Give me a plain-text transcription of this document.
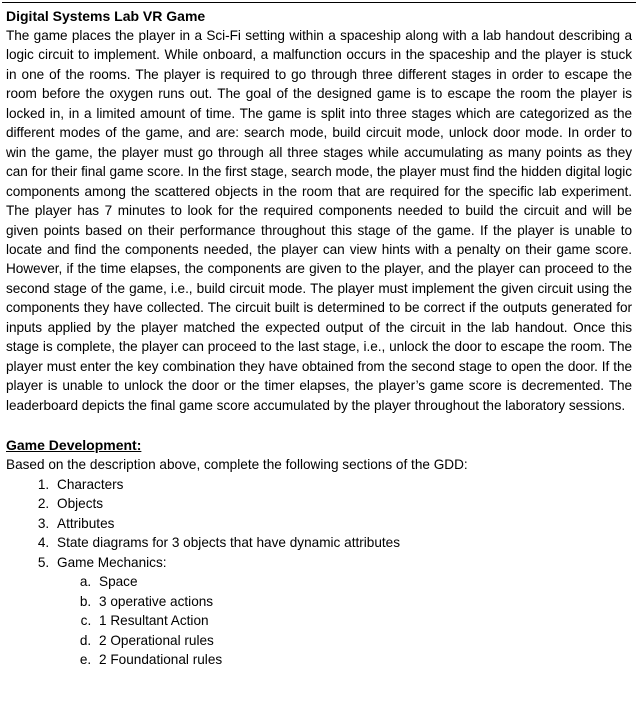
Digital Systems Lab VR Game

The game places the player in a Sci-Fi setting within a spaceship along with a lab handout describing a logic circuit to implement. While onboard, a malfunction occurs in the spaceship and the player is stuck in one of the rooms. The player is required to go through three different stages in order to escape the room before the oxygen runs out. The goal of the designed game is to escape the room the player is locked in, in a limited amount of time. The game is split into three stages which are categorized as the different modes of the game, and are: search mode, build circuit mode, unlock door mode. In order to win the game, the player must go through all three stages while accumulating as many points as they can for their final game score. In the first stage, search mode, the player must find the hidden digital logic components among the scattered objects in the room that are required for the specific lab experiment. The player has 7 minutes to look for the required components needed to build the circuit and will be given points based on their performance throughout this stage of the game. If the player is unable to locate and find the components needed, the player can view hints with a penalty on their game score. However, if the time elapses, the components are given to the player, and the player can proceed to the second stage of the game, i.e., build circuit mode. The player must implement the given circuit using the components they have collected. The circuit built is determined to be correct if the outputs generated for inputs applied by the player matched the expected output of the circuit in the lab handout. Once this stage is complete, the player can proceed to the last stage, i.e., unlock the door to escape the room. The player must enter the key combination they have obtained from the second stage to open the door. If the player is unable to unlock the door or the timer elapses, the player’s game score is decremented. The leaderboard depicts the final game score accumulated by the player throughout the laboratory sessions.

Game Development:

Based on the description above, complete the following sections of the GDD:

1. Characters
2. Objects
3. Attributes
4. State diagrams for 3 objects that have dynamic attributes
5. Game Mechanics:
a. Space
b. 3 operative actions
c. 1 Resultant Action
d. 2 Operational rules
e. 2 Foundational rules
